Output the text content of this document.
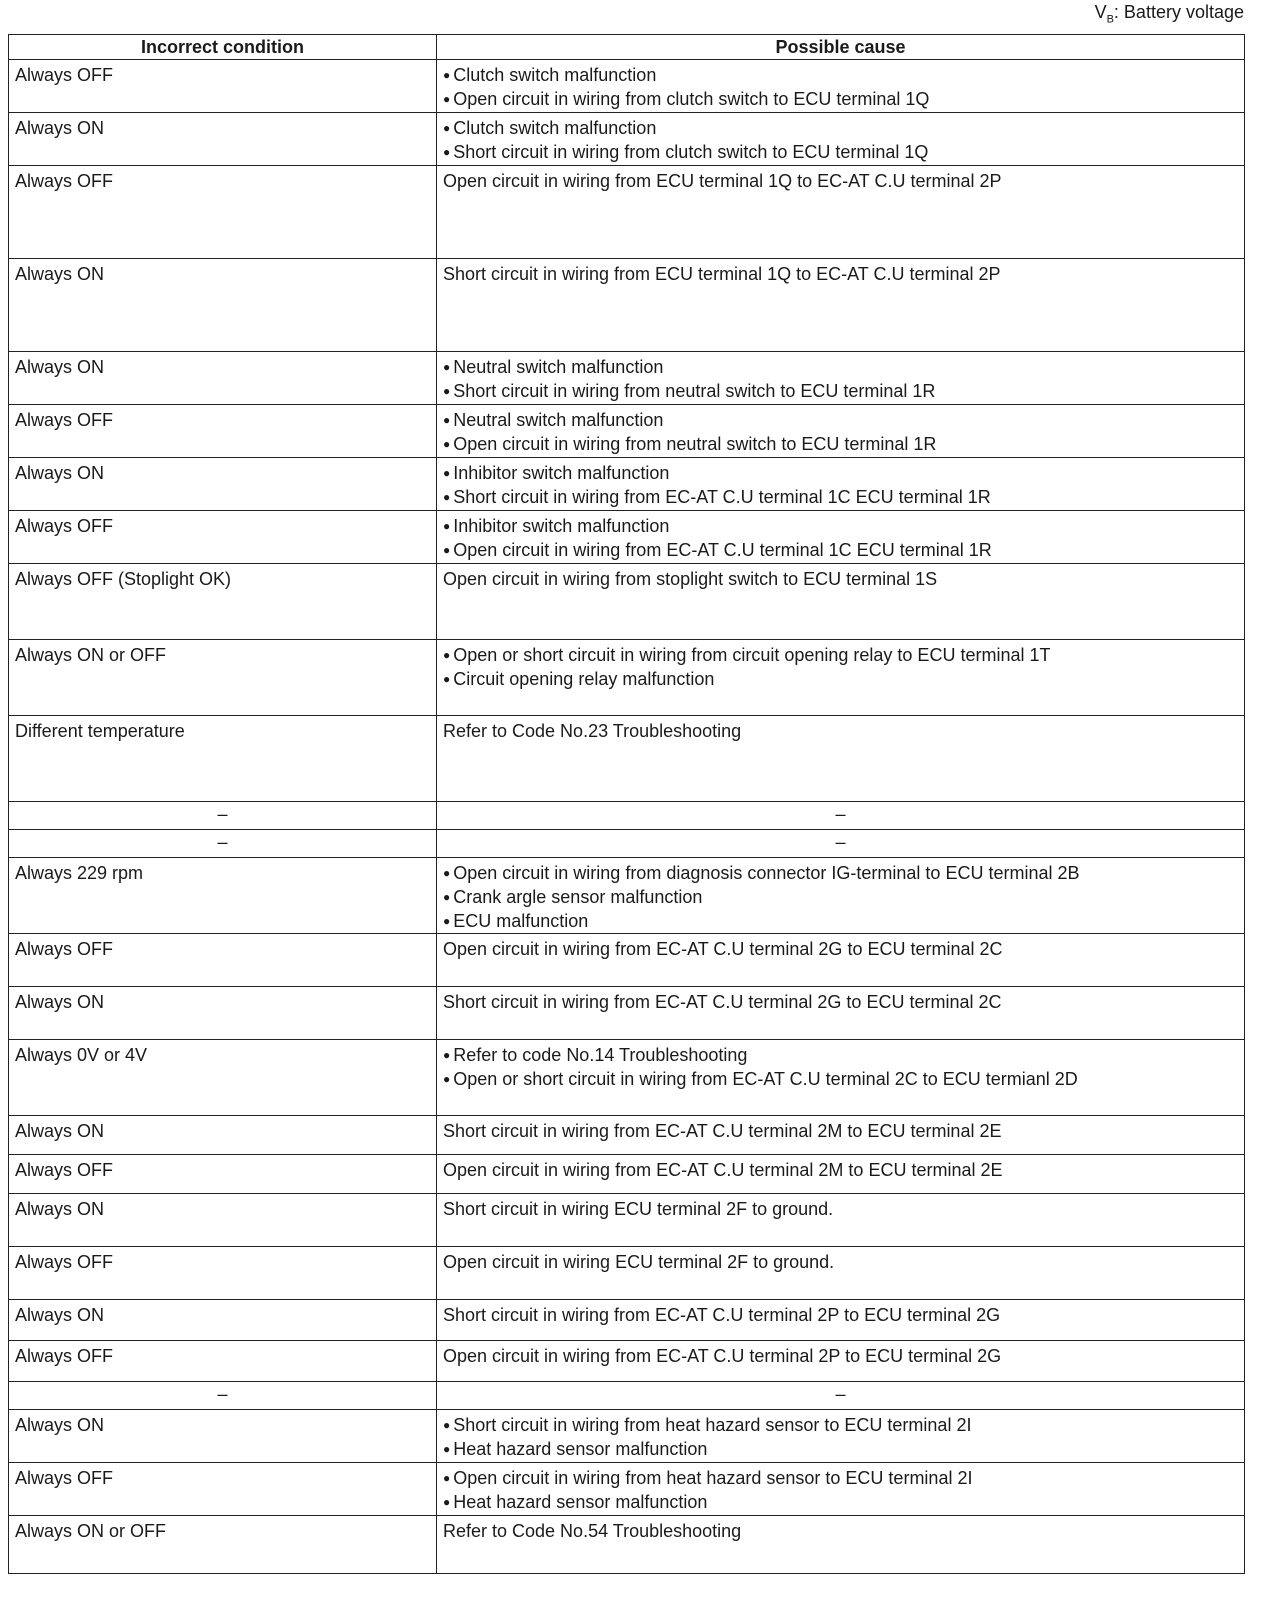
$V_B$: Battery voltage
Incorrect condition	Possible cause
Always OFF	● Clutch switch malfunction
● Open circuit in wiring from clutch switch to ECU terminal 1Q

Always ON	● Clutch switch malfunction
● Short circuit in wiring from clutch switch to ECU terminal 1Q

Always OFF	Open circuit in wiring from ECU terminal 1Q to EC-AT C.U terminal 2P

Always ON	Short circuit in wiring from ECU terminal 1Q to EC-AT C.U terminal 2P

Always ON	● Neutral switch malfunction
● Short circuit in wiring from neutral switch to ECU terminal 1R

Always OFF	● Neutral switch malfunction
● Open circuit in wiring from neutral switch to ECU terminal 1R

Always ON	● Inhibitor switch malfunction
● Short circuit in wiring from EC-AT C.U terminal 1C ECU terminal 1R

Always OFF	● Inhibitor switch malfunction
● Open circuit in wiring from EC-AT C.U terminal 1C ECU terminal 1R

Always OFF (Stoplight OK)	Open circuit in wiring from stoplight switch to ECU terminal 1S

Always ON or OFF	● Open or short circuit in wiring from circuit opening relay to ECU terminal 1T
● Circuit opening relay malfunction

Different temperature	Refer to Code No.23 Troubleshooting

–	–

–	–

Always 229 rpm	● Open circuit in wiring from diagnosis connector IG-terminal to ECU terminal 2B
● Crank argle sensor malfunction
● ECU malfunction

Always OFF	Open circuit in wiring from EC-AT C.U terminal 2G to ECU terminal 2C

Always ON	Short circuit in wiring from EC-AT C.U terminal 2G to ECU terminal 2C

Always 0V or 4V	● Refer to code No.14 Troubleshooting
● Open or short circuit in wiring from EC-AT C.U terminal 2C to ECU termianl 2D

Always ON	Short circuit in wiring from EC-AT C.U terminal 2M to ECU terminal 2E

Always OFF	Open circuit in wiring from EC-AT C.U terminal 2M to ECU terminal 2E

Always ON	Short circuit in wiring ECU terminal 2F to ground.

Always OFF	Open circuit in wiring ECU terminal 2F to ground.

Always ON	Short circuit in wiring from EC-AT C.U terminal 2P to ECU terminal 2G

Always OFF	Open circuit in wiring from EC-AT C.U terminal 2P to ECU terminal 2G

–	–

Always ON	● Short circuit in wiring from heat hazard sensor to ECU terminal 2I
● Heat hazard sensor malfunction

Always OFF	● Open circuit in wiring from heat hazard sensor to ECU terminal 2I
● Heat hazard sensor malfunction

Always ON or OFF	Refer to Code No.54 Troubleshooting
